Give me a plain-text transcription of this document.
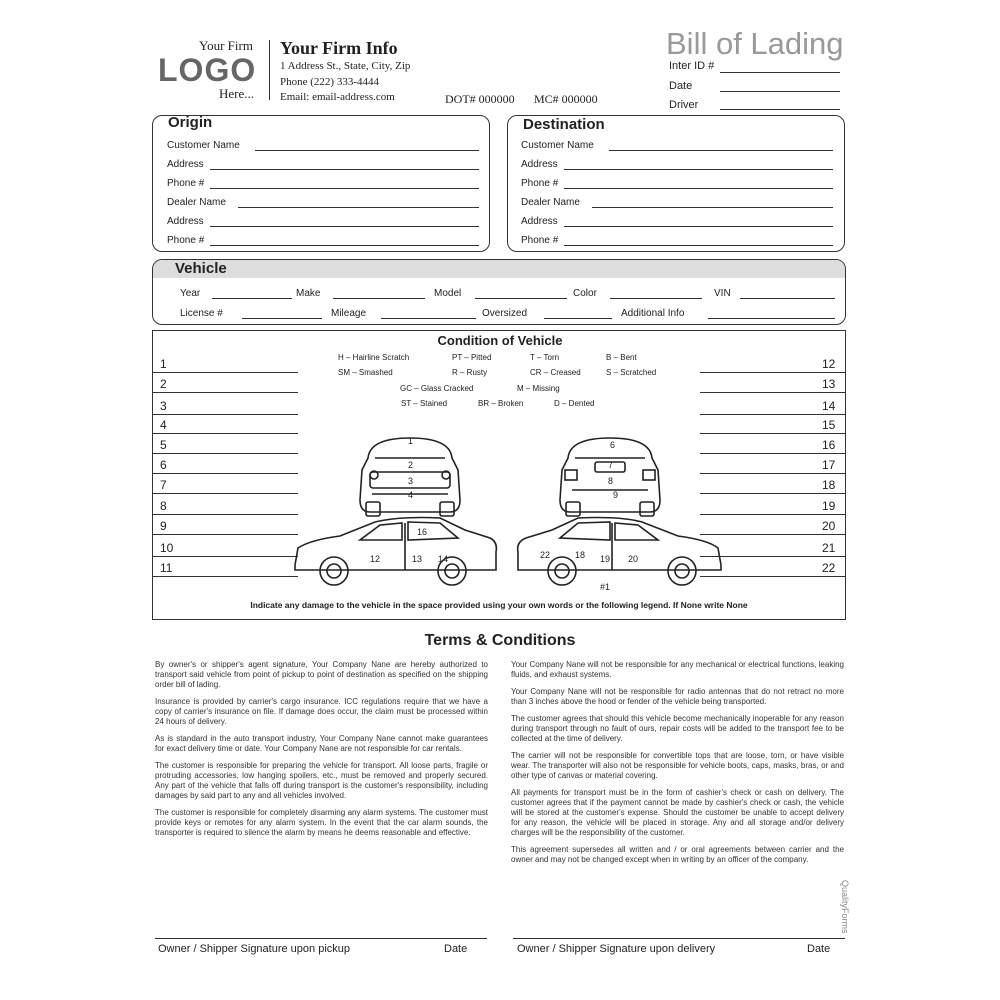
Your Firm
LOGO
Here...
Your Firm Info
1 Address St., State, City, Zip
Phone (222) 333-4444
Email: email-address.com	DOT# 000000 MC# 000000
Bill of Lading
Inter ID #
Date
Driver
Origin
Customer Name
Address
Phone #
Dealer Name
Address
Phone #
Destination
Customer Name
Address
Phone #
Dealer Name
Address
Phone #
Vehicle
Year	Make	Model	Color	VIN
License #	Mileage	Oversized	Additional Info
Condition of Vehicle
H – Hairline Scratch	PT – Pitted	T – Torn	B – Bent
SM – Smashed	R – Rusty	CR – Creased	S – Scratched
GC – Glass Cracked	M – Missing
ST – Stained	BR – Broken	D – Dented
1
2
3
4
5
6
7
8
9
10
11
12
13
14
15
16
17
18
19
20
21
22
1
2
3
4
6
7
8
9
16
12	13 14	22	18 19 20
#1
Indicate any damage to the vehicle in the space provided using your own words or the following legend. If None write None
Terms & Conditions

By owner's or shipper's agent signature, Your Company Nane are hereby authorized to transport said vehicle from point of pickup to point of destination as specified on the shipping order bill of lading.

Insurance is provided by carrier's cargo insurance. ICC regulations require that we have a copy of carrier's insurance on file. If damage does occur, the claim must be processed within 24 hours of delivery.

As is standard in the auto transport industry, Your Company Nane cannot make guarantees for exact delivery time or date. Your Company Nane are not responsible for car rentals.

The customer is responsible for preparing the vehicle for transport. All loose parts, fragile or protruding accessories, low hanging spoilers, etc., must be removed and properly secured. Any part of the vehicle that falls off during transport is the customer's responsibility, including damages by said part to any and all vehicles involved.

The customer is responsible for completely disarming any alarm systems. The customer must provide keys or remotes for any alarm system. In the event that the car alarm sounds, the transporter is required to silence the alarm by means he deems reasonable and effective.

Your Company Nane will not be responsible for any mechanical or electrical functions, leaking fluids, and exhaust systems.

Your Company Nane will not be responsible for radio antennas that do not retract no more than 3 inches above the hood or fender of the vehicle being transported.

The customer agrees that should this vehicle become mechanically inoperable for any reason during transport through no fault of ours, repair costs will be added to the transport fee to be collected at the time of delivery.

The carrier will not be responsible for convertible tops that are loose, torn, or have visible wear. The transporter will also not be responsible for vehicle boots, caps, masks, bras, or and other type of canvas or material covering.

All payments for transport must be in the form of cashier's check or cash on delivery. The customer agrees that if the payment cannot be made by cashier's check or cash, the vehicle will be stored at the customer's expense. Should the customer be unable to accept delivery for any reason, the vehicle will be placed in storage. Any and all storage and/or delivery charges will be the responsibility of the customer.

This agreement supersedes all written and / or oral agreements between carrier and the owner and may not be changed except when in writing by an officer of the company.

Owner / Shipper Signature upon pickup	Date	Owner / Shipper Signature upon delivery	Date
QualityForms
